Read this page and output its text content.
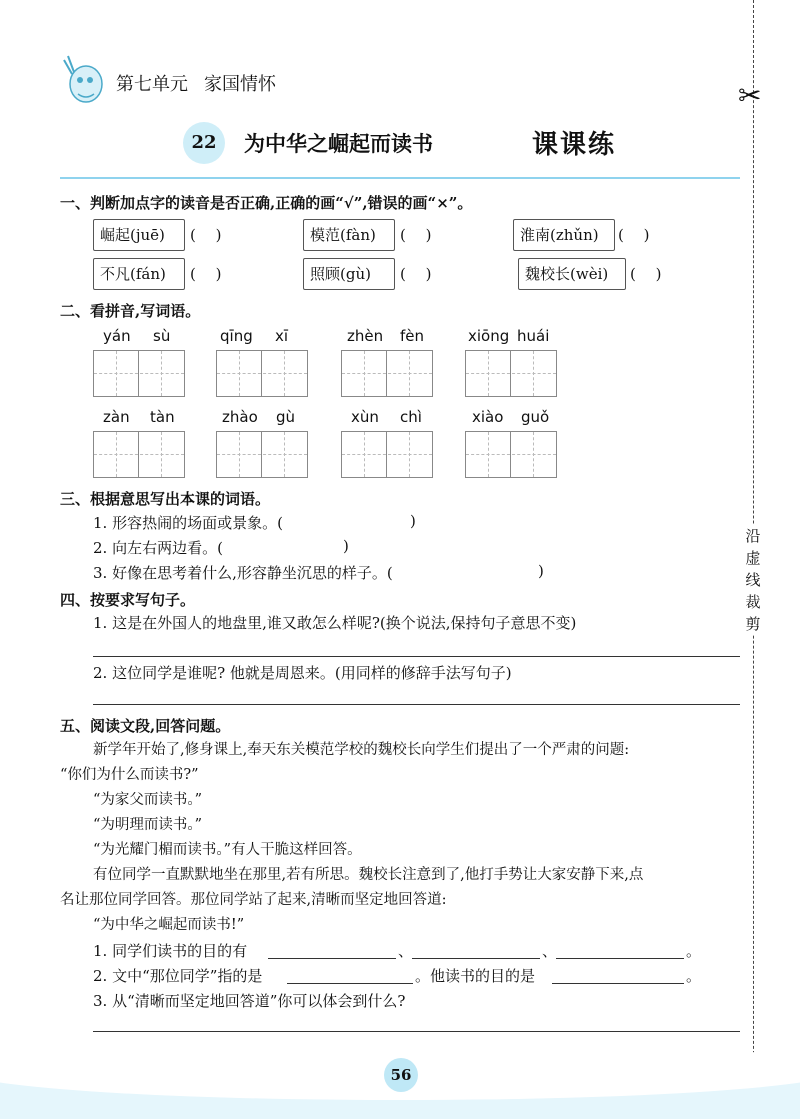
✂
沿
虚
线
裁
剪
第七单元 家国情怀
22	为中华之崛起而读书	课课练
一、判断加点字的读音是否正确,正确的画“√”,错误的画“×”。
崛起(juē)	(　 )	模范(fàn)	(　 )	淮南(zhǔn)	(　 )
不凡(fán)	(　 )	照顾(gù)	(　 )	魏校长(wèi)	(　 )
二、看拼音,写词语。
yán sù	qīng xī	zhèn fèn	xiōng huái
zàn tàn	zhào gù	xùn chì	xiào guǒ
三、根据意思写出本课的词语。
1. 形容热闹的场面或景象。(	)
2. 向左右两边看。(	)
3. 好像在思考着什么,形容静坐沉思的样子。(	)
四、按要求写句子。
1. 这是在外国人的地盘里,谁又敢怎么样呢?(换个说法,保持句子意思不变)
2. 这位同学是谁呢? 他就是周恩来。(用同样的修辞手法写句子)
五、阅读文段,回答问题。
新学年开始了,修身课上,奉天东关模范学校的魏校长向学生们提出了一个严肃的问题:
“你们为什么而读书?”
“为家父而读书。”
“为明理而读书。”
“为光耀门楣而读书。”有人干脆这样回答。
有位同学一直默默地坐在那里,若有所思。魏校长注意到了,他打手势让大家安静下来,点
名让那位同学回答。那位同学站了起来,清晰而坚定地回答道:
“为中华之崛起而读书!”
1. 同学们读书的目的有	、	、	。
2. 文中“那位同学”指的是	。他读书的目的是	。
3. 从“清晰而坚定地回答道”你可以体会到什么?
56
